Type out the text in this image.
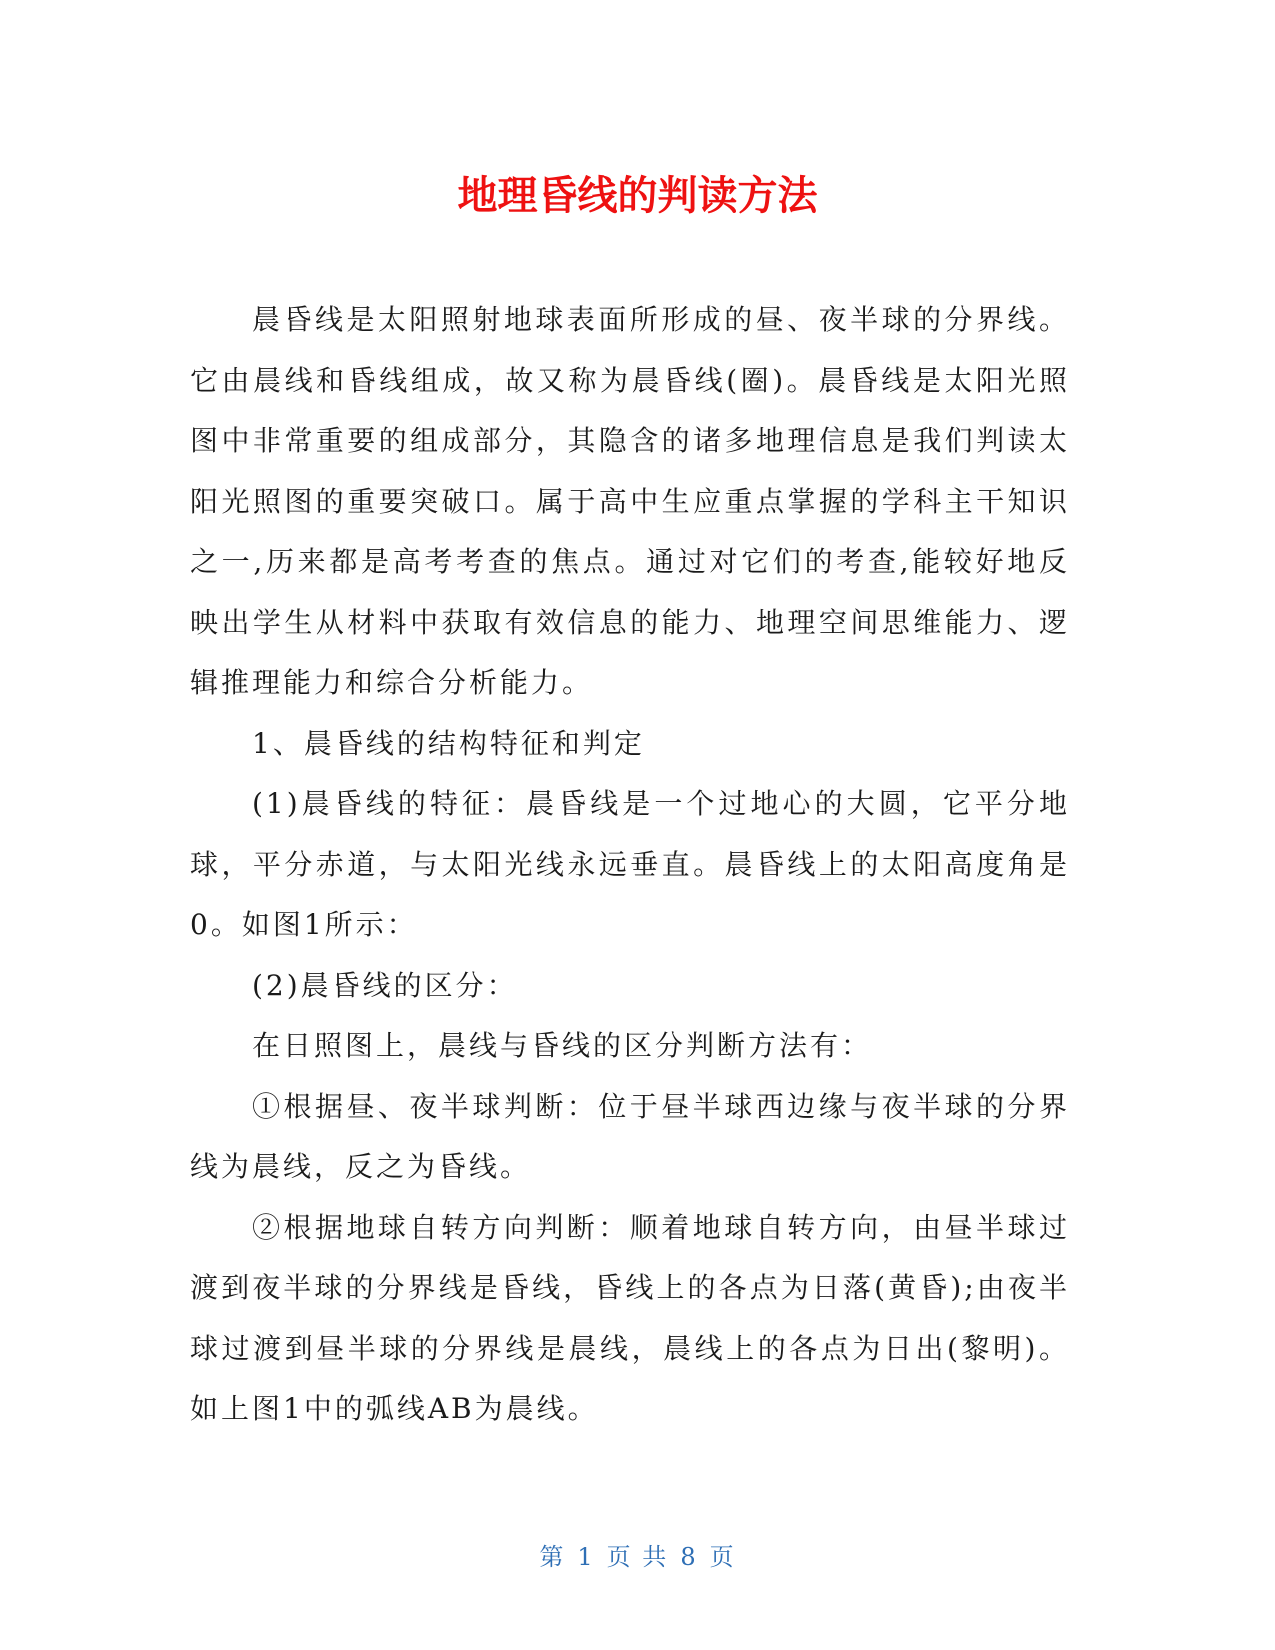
地理昏线的判读方法

晨昏线是太阳照射地球表面所形成的昼、夜半球的分界线。它由晨线和昏线组成，故又称为晨昏线(圈)。晨昏线是太阳光照图中非常重要的组成部分，其隐含的诸多地理信息是我们判读太阳光照图的重要突破口。属于高中生应重点掌握的学科主干知识之一,历来都是高考考查的焦点。通过对它们的考查,能较好地反映出学生从材料中获取有效信息的能力、地理空间思维能力、逻辑推理能力和综合分析能力。

1、晨昏线的结构特征和判定

(1)晨昏线的特征：晨昏线是一个过地心的大圆，它平分地球，平分赤道，与太阳光线永远垂直。晨昏线上的太阳高度角是0。如图1所示：

(2)晨昏线的区分：

在日照图上，晨线与昏线的区分判断方法有：

①根据昼、夜半球判断：位于昼半球西边缘与夜半球的分界线为晨线，反之为昏线。

②根据地球自转方向判断：顺着地球自转方向，由昼半球过渡到夜半球的分界线是昏线，昏线上的各点为日落(黄昏);由夜半球过渡到昼半球的分界线是晨线，晨线上的各点为日出(黎明)。如上图1中的弧线AB为晨线。

第 1 页 共 8 页
